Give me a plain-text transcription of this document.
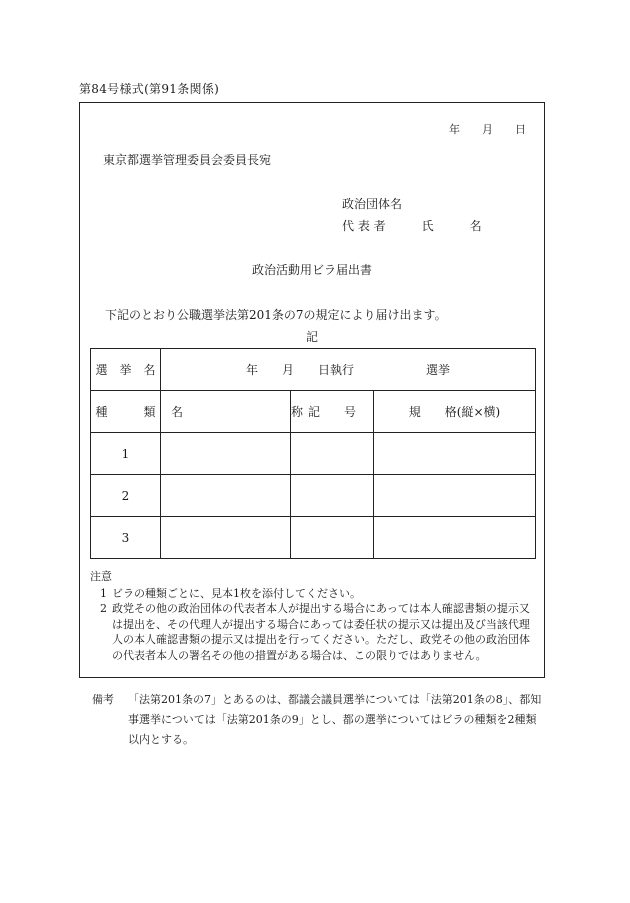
第84号様式(第91条関係)
年　　月　　日
東京都選挙管理委員会委員長宛
政治団体名
代 表 者　　　氏　　　名
政治活動用ビラ届出書
下記のとおり公職選挙法第201条の7の規定により届け出ます。
記
選　挙　名	年　　月　　日執行　　　　　　選挙		
種　　　類	名　　　　　　　　　称	記　　号	規　　格(縦×横)
1			
2			
3			
注意
1 ビラの種類ごとに、見本1枚を添付してください。
2 政党その他の政治団体の代表者本人が提出する場合にあっては本人確認書類の提示又は提出を、その代理人が提出する場合にあっては委任状の提示又は提出及び当該代理人の本人確認書類の提示又は提出を行ってください。ただし、政党その他の政治団体の代表者本人の署名その他の措置がある場合は、この限りではありません。
備考	「法第201条の7」とあるのは、都議会議員選挙については「法第201条の8」、都知事選挙については「法第201条の9」とし、都の選挙についてはビラの種類を2種類以内とする。
